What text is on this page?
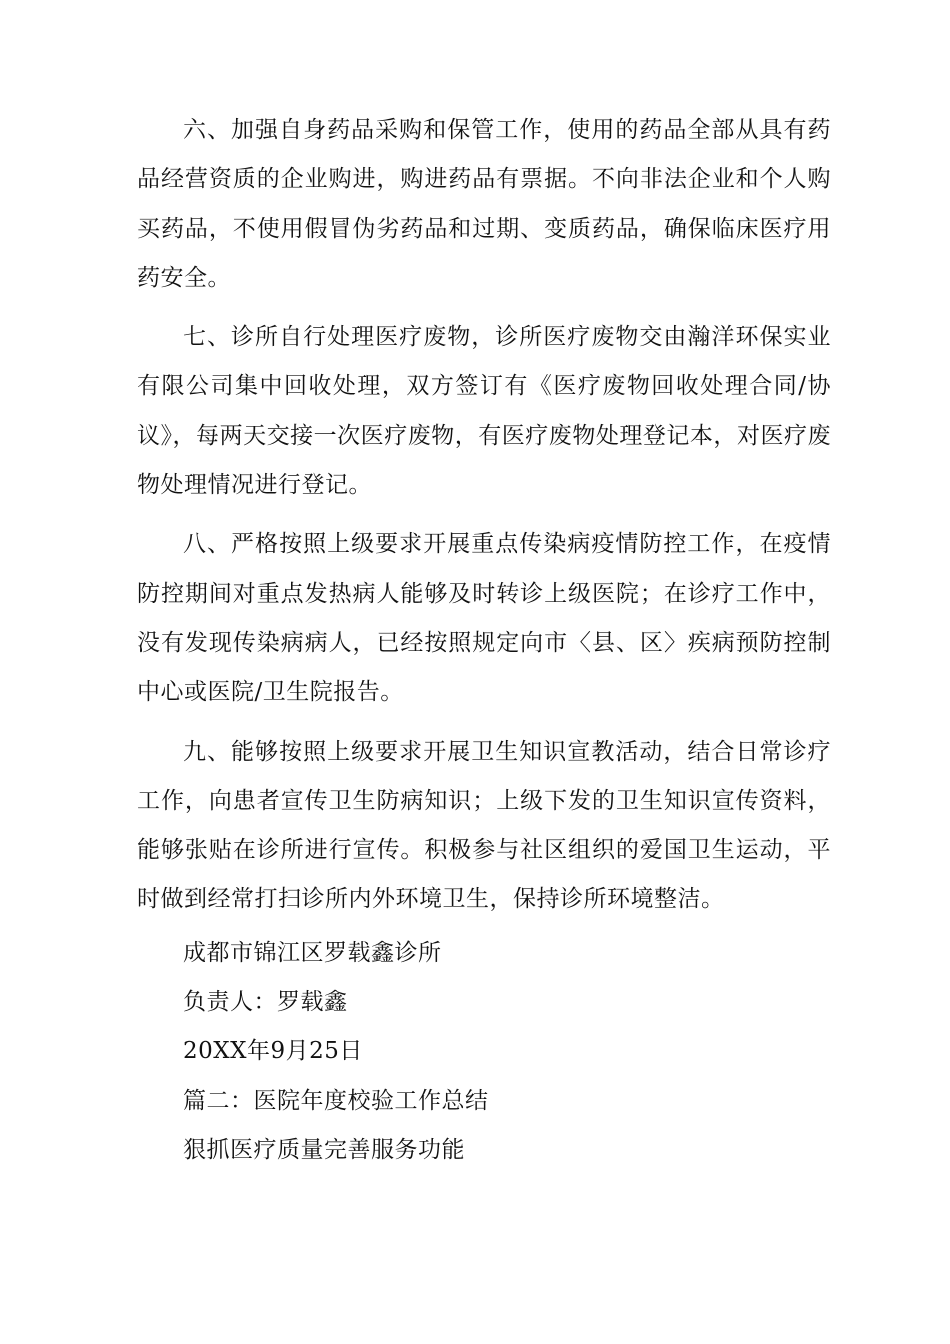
六、加强自身药品采购和保管工作，使用的药品全部从具有药品经营资质的企业购进，购进药品有票据。不向非法企业和个人购买药品，不使用假冒伪劣药品和过期、变质药品，确保临床医疗用药安全。

七、诊所自行处理医疗废物，诊所医疗废物交由瀚洋环保实业有限公司集中回收处理，双方签订有《医疗废物回收处理合同/协议》，每两天交接一次医疗废物，有医疗废物处理登记本，对医疗废物处理情况进行登记。

八、严格按照上级要求开展重点传染病疫情防控工作，在疫情防控期间对重点发热病人能够及时转诊上级医院；在诊疗工作中，没有发现传染病病人，已经按照规定向市〈县、区〉疾病预防控制中心或医院/卫生院报告。

九、能够按照上级要求开展卫生知识宣教活动，结合日常诊疗工作，向患者宣传卫生防病知识；上级下发的卫生知识宣传资料，能够张贴在诊所进行宣传。积极参与社区组织的爱国卫生运动，平时做到经常打扫诊所内外环境卫生，保持诊所环境整洁。

成都市锦江区罗载鑫诊所

负责人：罗载鑫

20XX年9月25日

篇二：医院年度校验工作总结

狠抓医疗质量完善服务功能
